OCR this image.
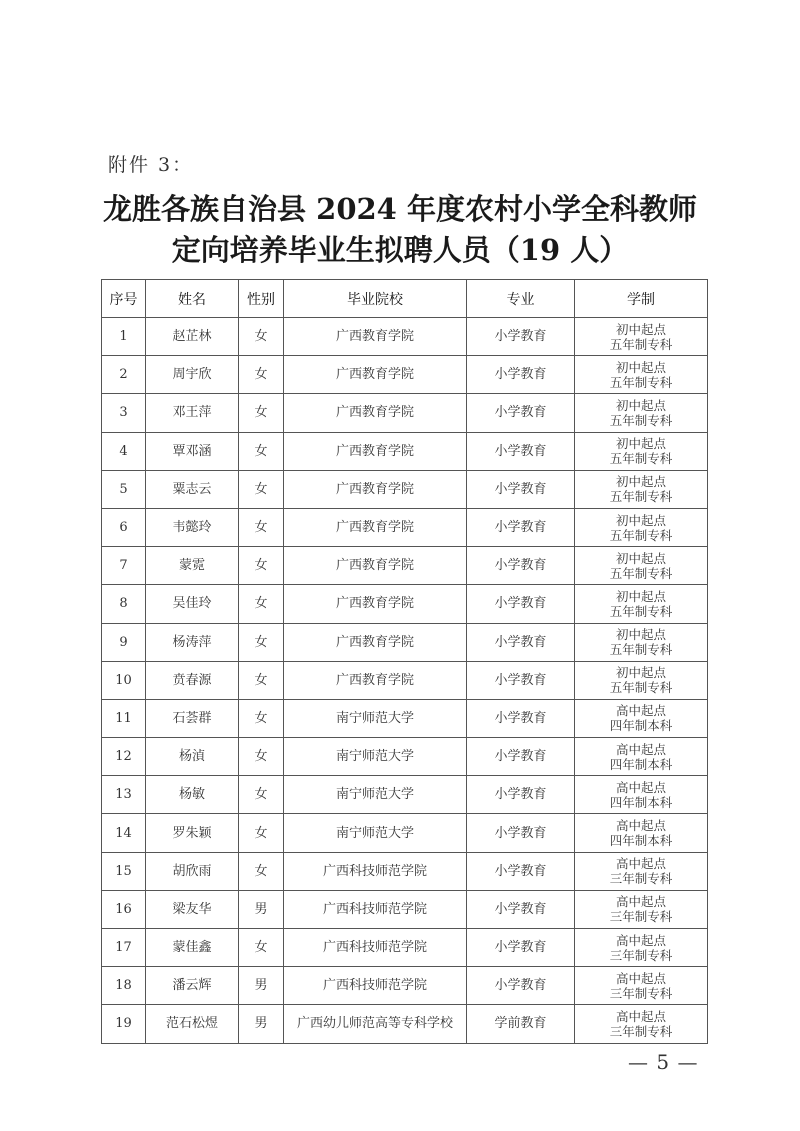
附件 3：
龙胜各族自治县 2024 年度农村小学全科教师
定向培养毕业生拟聘人员（19 人）
序号	姓名	性别	毕业院校	专业	学制
1	赵芷林	女	广西教育学院	小学教育	初中起点
五年制专科

2	周宇欣	女	广西教育学院	小学教育	初中起点
五年制专科

3	邓王萍	女	广西教育学院	小学教育	初中起点
五年制专科

4	覃邓涵	女	广西教育学院	小学教育	初中起点
五年制专科

5	粟志云	女	广西教育学院	小学教育	初中起点
五年制专科

6	韦懿玲	女	广西教育学院	小学教育	初中起点
五年制专科

7	蒙霓	女	广西教育学院	小学教育	初中起点
五年制专科

8	吴佳玲	女	广西教育学院	小学教育	初中起点
五年制专科

9	杨涛萍	女	广西教育学院	小学教育	初中起点
五年制专科

10	贲春源	女	广西教育学院	小学教育	初中起点
五年制专科

11	石荟群	女	南宁师范大学	小学教育	高中起点
四年制本科

12	杨湞	女	南宁师范大学	小学教育	高中起点
四年制本科

13	杨敏	女	南宁师范大学	小学教育	高中起点
四年制本科

14	罗朱颖	女	南宁师范大学	小学教育	高中起点
四年制本科

15	胡欣雨	女	广西科技师范学院	小学教育	高中起点
三年制专科

16	梁友华	男	广西科技师范学院	小学教育	高中起点
三年制专科

17	蒙佳鑫	女	广西科技师范学院	小学教育	高中起点
三年制专科

18	潘云辉	男	广西科技师范学院	小学教育	高中起点
三年制专科

19	范石松煜	男	广西幼儿师范高等专科学校	学前教育	高中起点
三年制专科
— 5 —
